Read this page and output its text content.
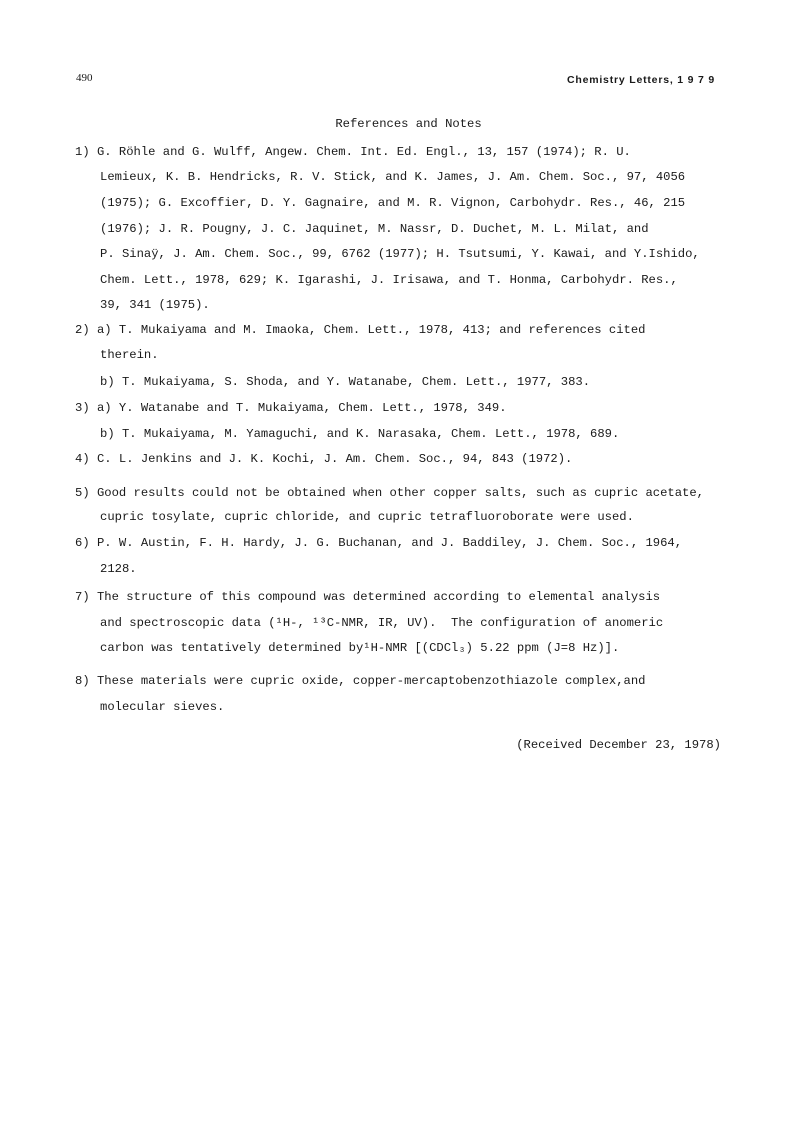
490	Chemistry Letters, 1 9 7 9
References and Notes
1) G. Röhle and G. Wulff, Angew. Chem. Int. Ed. Engl., 13, 157 (1974); R. U.
Lemieux, K. B. Hendricks, R. V. Stick, and K. James, J. Am. Chem. Soc., 97, 4056
(1975); G. Excoffier, D. Y. Gagnaire, and M. R. Vignon, Carbohydr. Res., 46, 215
(1976); J. R. Pougny, J. C. Jaquinet, M. Nassr, D. Duchet, M. L. Milat, and
P. Sinaÿ, J. Am. Chem. Soc., 99, 6762 (1977); H. Tsutsumi, Y. Kawai, and Y.Ishido,
Chem. Lett., 1978, 629; K. Igarashi, J. Irisawa, and T. Honma, Carbohydr. Res.,
39, 341 (1975).
2) a) T. Mukaiyama and M. Imaoka, Chem. Lett., 1978, 413; and references cited
therein.
b) T. Mukaiyama, S. Shoda, and Y. Watanabe, Chem. Lett., 1977, 383.
3) a) Y. Watanabe and T. Mukaiyama, Chem. Lett., 1978, 349.
b) T. Mukaiyama, M. Yamaguchi, and K. Narasaka, Chem. Lett., 1978, 689.
4) C. L. Jenkins and J. K. Kochi, J. Am. Chem. Soc., 94, 843 (1972).
5) Good results could not be obtained when other copper salts, such as cupric acetate,
cupric tosylate, cupric chloride, and cupric tetrafluoroborate were used.
6) P. W. Austin, F. H. Hardy, J. G. Buchanan, and J. Baddiley, J. Chem. Soc., 1964,
2128.
7) The structure of this compound was determined according to elemental analysis
and spectroscopic data (¹H-, ¹³C-NMR, IR, UV).  The configuration of anomeric
carbon was tentatively determined by¹H-NMR [(CDCl₃) 5.22 ppm (J=8 Hz)].
8) These materials were cupric oxide, copper-mercaptobenzothiazole complex,and
molecular sieves.
(Received December 23, 1978)
